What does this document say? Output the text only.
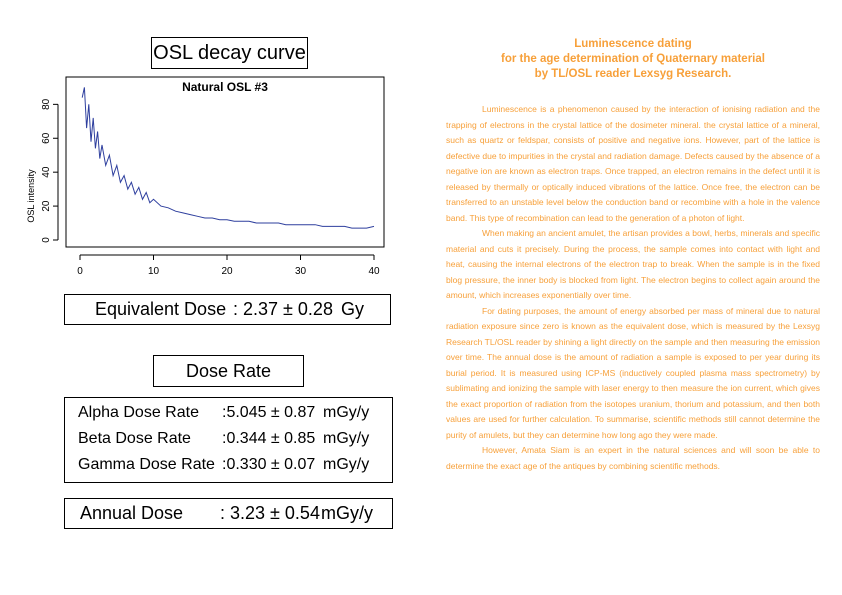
OSL decay curve
Natural OSL #3
OSL intensity
0
20
40
60
80
0	10	20	30	40
Equivalent Dose : 2.37 ± 0.28 Gy
Dose Rate
Alpha Dose Rate :5.045 ± 0.87 mGy/y
Beta Dose Rate :0.344 ± 0.85 mGy/y
Gamma Dose Rate :0.330 ± 0.07 mGy/y
Annual Dose : 3.23 ± 0.54 mGy/y
Luminescence dating
for the age determination of Quaternary material
by TL/OSL reader Lexsyg Research.

Luminescence is a phenomenon caused by the interaction of ionising radiation and the trapping of electrons in the crystal lattice of the dosimeter mineral. the crystal lattice of a mineral, such as quartz or feldspar, consists of positive and negative ions. However, part of the lattice is defective due to impurities in the crystal and radiation damage. Defects caused by the absence of a negative ion are known as electron traps. Once trapped, an electron remains in the defect until it is released by thermally or optically induced vibrations of the lattice. Once free, the electron can be transferred to an unstable level below the conduction band or recombine with a hole in the valence band. This type of recombination can lead to the generation of a photon of light.

When making an ancient amulet, the artisan provides a bowl, herbs, minerals and specific material and cuts it precisely. During the process, the sample comes into contact with light and heat, causing the internal electrons of the electron trap to break. When the sample is in the fixed blog pressure, the inner body is blocked from light. The electron begins to collect again around the amount, which increases exponentially over time.

For dating purposes, the amount of energy absorbed per mass of mineral due to natural radiation exposure since zero is known as the equivalent dose, which is measured by the Lexsyg Research TL/OSL reader by shining a light directly on the sample and then measuring the emission over time. The annual dose is the amount of radiation a sample is exposed to per year during its burial period. It is measured using ICP-MS (inductively coupled plasma mass spectrometry) by sublimating and ionizing the sample with laser energy to then measure the ion current, which gives the exact proportion of radiation from the isotopes uranium, thorium and potassium, and then both values are used for further calculation. To summarise, scientific methods still cannot determine the purity of amulets, but they can determine how long ago they were made.

However, Amata Siam is an expert in the natural sciences and will soon be able to determine the exact age of the antiques by combining scientific methods.
